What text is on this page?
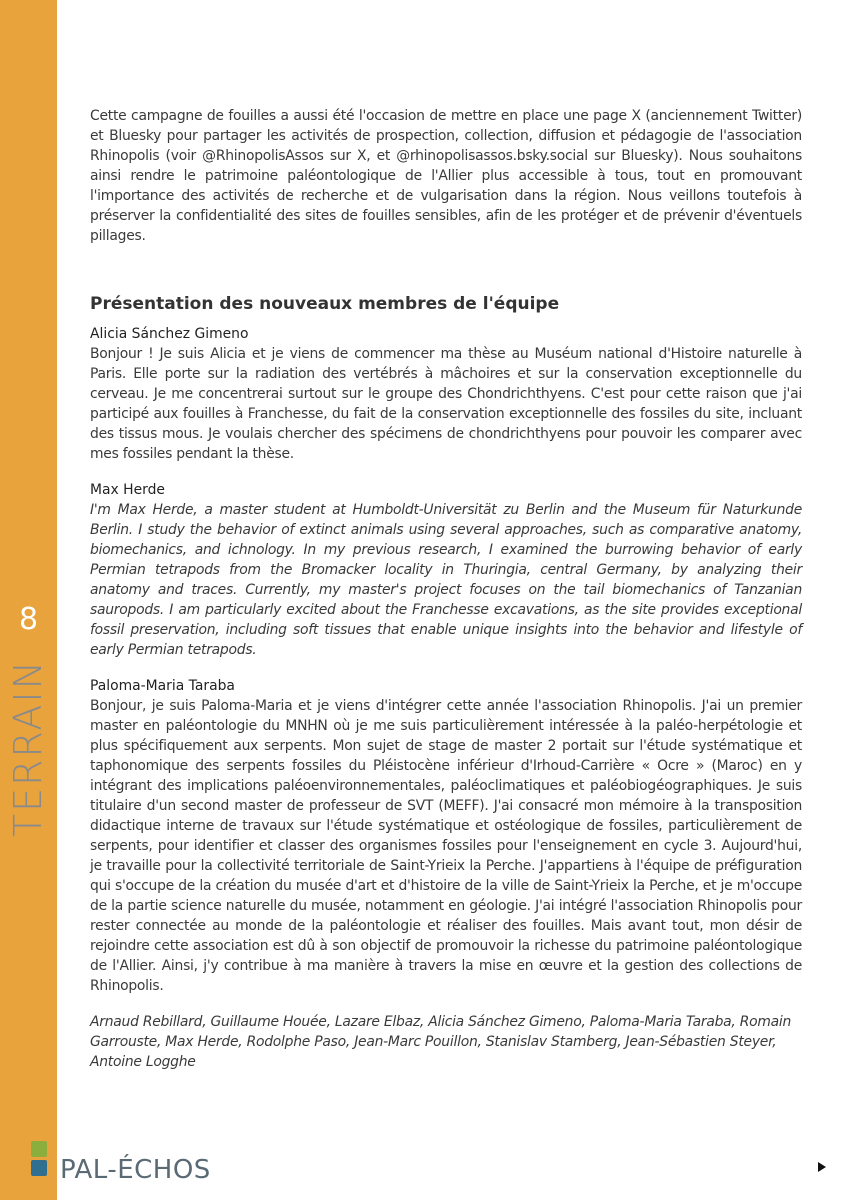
8
TERRAIN

Cette campagne de fouilles a aussi été l'occasion de mettre en place une page X (anciennement Twitter) et Bluesky pour partager les activités de prospection, collection, diffusion et pédagogie de l'association Rhinopolis (voir @RhinopolisAssos sur X, et @rhinopolisassos.bsky.social sur Bluesky). Nous souhaitons ainsi rendre le patrimoine paléontologique de l'Allier plus accessible à tous, tout en promouvant l'importance des activités de recherche et de vulgarisation dans la région. Nous veillons toutefois à préserver la confidentialité des sites de fouilles sensibles, afin de les protéger et de prévenir d'éventuels pillages.

Présentation des nouveaux membres de l'équipe

Alicia Sánchez Gimeno

Bonjour ! Je suis Alicia et je viens de commencer ma thèse au Muséum national d'Histoire naturelle à Paris. Elle porte sur la radiation des vertébrés à mâchoires et sur la conservation exceptionnelle du cerveau. Je me concentrerai surtout sur le groupe des Chondrichthyens. C'est pour cette raison que j'ai participé aux fouilles à Franchesse, du fait de la conservation exceptionnelle des fossiles du site, incluant des tissus mous. Je voulais chercher des spécimens de chondrichthyens pour pouvoir les comparer avec mes fossiles pendant la thèse.

Max Herde

I'm Max Herde, a master student at Humboldt-Universität zu Berlin and the Museum für Naturkunde Berlin. I study the behavior of extinct animals using several approaches, such as comparative anatomy, biomechanics, and ichnology. In my previous research, I examined the burrowing behavior of early Permian tetrapods from the Bromacker locality in Thuringia, central Germany, by analyzing their anatomy and traces. Currently, my master's project focuses on the tail biomechanics of Tanzanian sauropods. I am particularly excited about the Franchesse excavations, as the site provides exceptional fossil preservation, including soft tissues that enable unique insights into the behavior and lifestyle of early Permian tetrapods.

Paloma-Maria Taraba

Bonjour, je suis Paloma-Maria et je viens d'intégrer cette année l'association Rhinopolis. J'ai un premier master en paléontologie du MNHN où je me suis particulièrement intéressée à la paléo-herpétologie et plus spécifiquement aux serpents. Mon sujet de stage de master 2 portait sur l'étude systématique et taphonomique des serpents fossiles du Pléistocène inférieur d'Irhoud-Carrière « Ocre » (Maroc) en y intégrant des implications paléoenvironnementales, paléoclimatiques et paléobiogéographiques. Je suis titulaire d'un second master de professeur de SVT (MEFF). J'ai consacré mon mémoire à la transposition didactique interne de travaux sur l'étude systématique et ostéologique de fossiles, particulièrement de serpents, pour identifier et classer des organismes fossiles pour l'enseignement en cycle 3. Aujourd'hui, je travaille pour la collectivité territoriale de Saint-Yrieix la Perche. J'appartiens à l'équipe de préfiguration qui s'occupe de la création du musée d'art et d'histoire de la ville de Saint-Yrieix la Perche, et je m'occupe de la partie science naturelle du musée, notamment en géologie. J'ai intégré l'association Rhinopolis pour rester connectée au monde de la paléontologie et réaliser des fouilles. Mais avant tout, mon désir de rejoindre cette association est dû à son objectif de promouvoir la richesse du patrimoine paléontologique de l'Allier. Ainsi, j'y contribue à ma manière à travers la mise en œuvre et la gestion des collections de Rhinopolis.

Arnaud Rebillard, Guillaume Houée, Lazare Elbaz, Alicia Sánchez Gimeno, Paloma-Maria Taraba, Romain Garrouste, Max Herde, Rodolphe Paso, Jean-Marc Pouillon, Stanislav Stamberg, Jean-Sébastien Steyer, Antoine Logghe

PAL-ÉCHOS
